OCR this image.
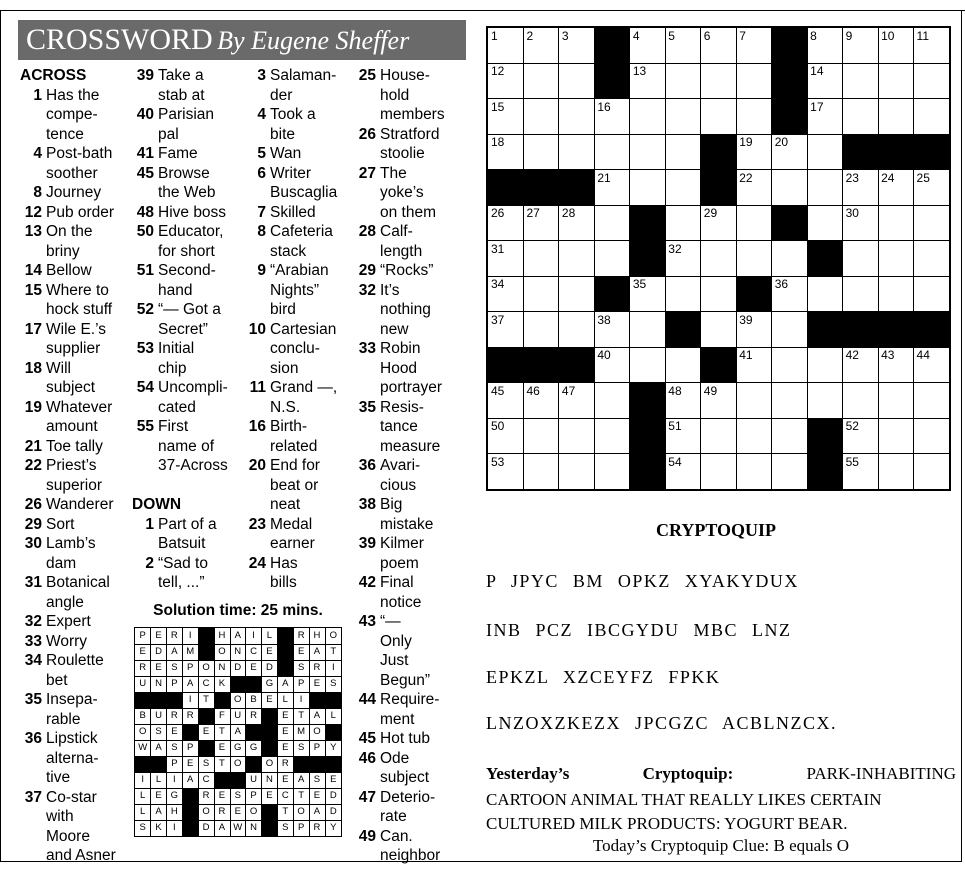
CROSSWORD By Eugene Sheffer
ACROSS
1 Has the
compe-
tence
4 Post-bath
soother
8 Journey
12 Pub order
13 On the
briny
14 Bellow
15 Where to
hock stuff
17 Wile E.’s
supplier
18 Will
subject
19 Whatever
amount
21 Toe tally
22 Priest’s
superior
26 Wanderer
29 Sort
30 Lamb’s
dam
31 Botanical
angle
32 Expert
33 Worry
34 Roulette
bet
35 Insepa-
rable
36 Lipstick
alterna-
tive
37 Co-star
with
Moore
and Asner
39 Take a
stab at
40 Parisian
pal
41 Fame
45 Browse
the Web
48 Hive boss
50 Educator,
for short
51 Second-
hand
52 “— Got a
Secret”
53 Initial
chip
54 Uncompli-
cated
55 First
name of
37-Across
DOWN
1 Part of a
Batsuit
2 “Sad to
tell, ...”
3 Salaman-
der
4 Took a
bite
5 Wan
6 Writer
Buscaglia
7 Skilled
8 Cafeteria
stack
9 “Arabian
Nights”
bird
10 Cartesian
conclu-
sion
11 Grand —,
N.S.
16 Birth-
related
20 End for
beat or
neat
23 Medal
earner
24 Has
bills
25 House-
hold
members
26 Stratford
stoolie
27 The
yoke’s
on them
28 Calf-
length
29 “Rocks”
32 It’s
nothing
new
33 Robin
Hood
portrayer
35 Resis-
tance
measure
36 Avari-
cious
38 Big
mistake
39 Kilmer
poem
42 Final
notice
43 “—
Only
Just
Begun”
44 Require-
ment
45 Hot tub
46 Ode
subject
47 Deterio-
rate
49 Can.
neighbor
Solution time: 25 mins.
P	E R	I	H A	I	L	R H O
E D A M	O N C E	E	A	T
R E	S	P O N D E D	S R	I
U N P	A C K	G A	P	E	S
I	T	O B	E	L	I
B U R R	F	U R	E	T	A	L
O S	E	E	T	A	E M O
W A	S	P	E G G	E	S	P	Y
P	E	S	T O	O R
I	L	I	A C	U N E	A	S	E
L	E G	R E	S	P	E C	T	E	D
L	A H	O R E O	T O A	D
S	K	I	D A W N	S	P R	Y
1 2 3	4 5 6 7	8 9 10 11
12	13	14
15	16	17
18	19 20
21	22	23 24 25
26 27 28	29	30
31	32
34	35	36
37	38	39
40	41	42 43 44
45 46 47	48 49
50	51	52
53	54	55
CRYPTOQUIP
P JPYC BM OPKZ XYAKYDUX
INB PCZ IBCGYDU MBC LNZ
EPKZL XZCEYFZ FPKK
LNZOXZKEZX JPCGZC ACBLNZCX.
Yesterday’s Cryptoquip:	PARK-INHABITING
CARTOON ANIMAL THAT REALLY LIKES CERTAIN
CULTURED MILK PRODUCTS: YOGURT BEAR.
Today’s Cryptoquip Clue: B equals O
